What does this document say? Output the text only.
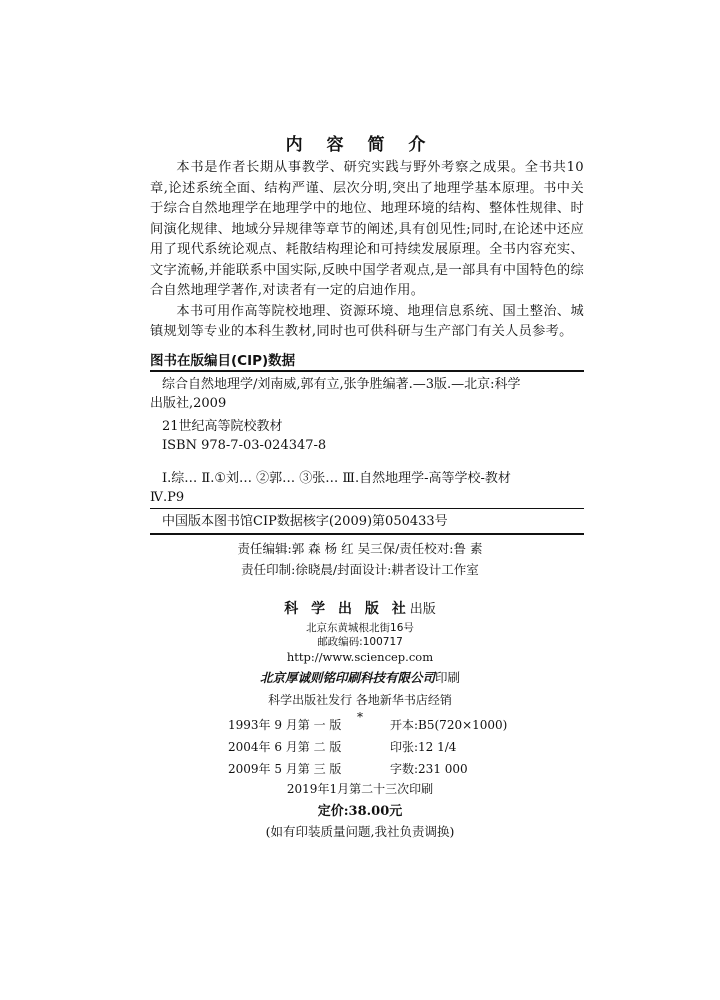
内 容 简 介

本书是作者长期从事教学、研究实践与野外考察之成果。全书共10章,论述系统全面、结构严谨、层次分明,突出了地理学基本原理。书中关于综合自然地理学在地理学中的地位、地理环境的结构、整体性规律、时间演化规律、地域分异规律等章节的阐述,具有创见性;同时,在论述中还应用了现代系统论观点、耗散结构理论和可持续发展原理。全书内容充实、文字流畅,并能联系中国实际,反映中国学者观点,是一部具有中国特色的综合自然地理学著作,对读者有一定的启迪作用。

本书可用作高等院校地理、资源环境、地理信息系统、国土整治、城镇规划等专业的本科生教材,同时也可供科研与生产部门有关人员参考。

图书在版编目(CIP)数据
综合自然地理学/刘南威,郭有立,张争胜编著.—3版.—北京:科学
出版社,2009
21世纪高等院校教材
ISBN 978-7-03-024347-8
Ⅰ.综… Ⅱ.①刘… ②郭… ③张… Ⅲ.自然地理学-高等学校-教材
Ⅳ.P9
中国版本图书馆CIP数据核字(2009)第050433号
责任编辑:郭 森 杨 红 吴三保/责任校对:鲁 素
责任印制:徐晓晨/封面设计:耕者设计工作室
科 学 出 版 社出版
北京东黄城根北街16号
邮政编码:100717
http://www.sciencep.com
北京厚诚则铭印刷科技有限公司印刷
科学出版社发行 各地新华书店经销
*
1993年 9 月第 一 版	开本:B5(720×1000)
2004年 6 月第 二 版	印张:12 1/4
2009年 5 月第 三 版	字数:231 000
2019年1月第二十三次印刷
定价:38.00元
(如有印装质量问题,我社负责调换)
